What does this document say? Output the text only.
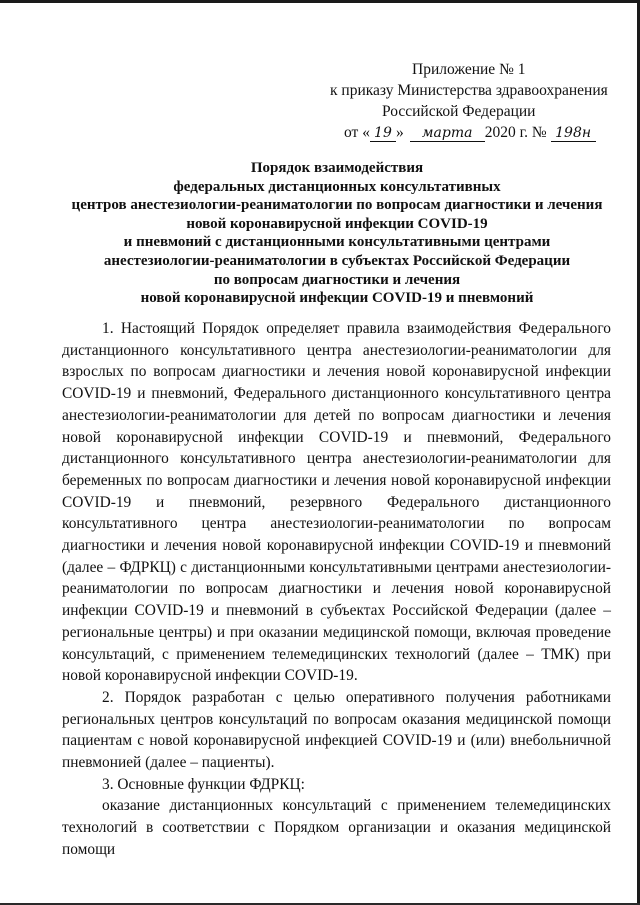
Приложение № 1
к приказу Министерства здравоохранения
Российской Федерации
от « 19 » марта 2020 г. № 198н
Порядок взаимодействия
федеральных дистанционных консультативных
центров анестезиологии-реаниматологии по вопросам диагностики и лечения
новой коронавирусной инфекции COVID-19
и пневмоний с дистанционными консультативными центрами
анестезиологии-реаниматологии в субъектах Российской Федерации
по вопросам диагностики и лечения
новой коронавирусной инфекции COVID-19 и пневмоний

1. Настоящий Порядок определяет правила взаимодействия Федерального дистанционного консультативного центра анестезиологии-реаниматологии для взрослых по вопросам диагностики и лечения новой коронавирусной инфекции COVID-19 и пневмоний, Федерального дистанционного консультативного центра анестезиологии-реаниматологии для детей по вопросам диагностики и лечения новой коронавирусной инфекции COVID-19 и пневмоний, Федерального дистанционного консультативного центра анестезиологии-реаниматологии для беременных по вопросам диагностики и лечения новой коронавирусной инфекции COVID-19 и пневмоний, резервного Федерального дистанционного консультативного центра анестезиологии-реаниматологии по вопросам диагностики и лечения новой коронавирусной инфекции COVID-19 и пневмоний (далее – ФДРКЦ) с дистанционными консультативными центрами анестезиологии-реаниматологии по вопросам диагностики и лечения новой коронавирусной инфекции COVID-19 и пневмоний в субъектах Российской Федерации (далее – региональные центры) и при оказании медицинской помощи, включая проведение консультаций, с применением телемедицинских технологий (далее – ТМК) при новой коронавирусной инфекции COVID-19.

2. Порядок разработан с целью оперативного получения работниками региональных центров консультаций по вопросам оказания медицинской помощи пациентам с новой коронавирусной инфекцией COVID-19 и (или) внебольничной пневмонией (далее – пациенты).

3. Основные функции ФДРКЦ:

оказание дистанционных консультаций с применением телемедицинских технологий в соответствии с Порядком организации и оказания медицинской помощи
